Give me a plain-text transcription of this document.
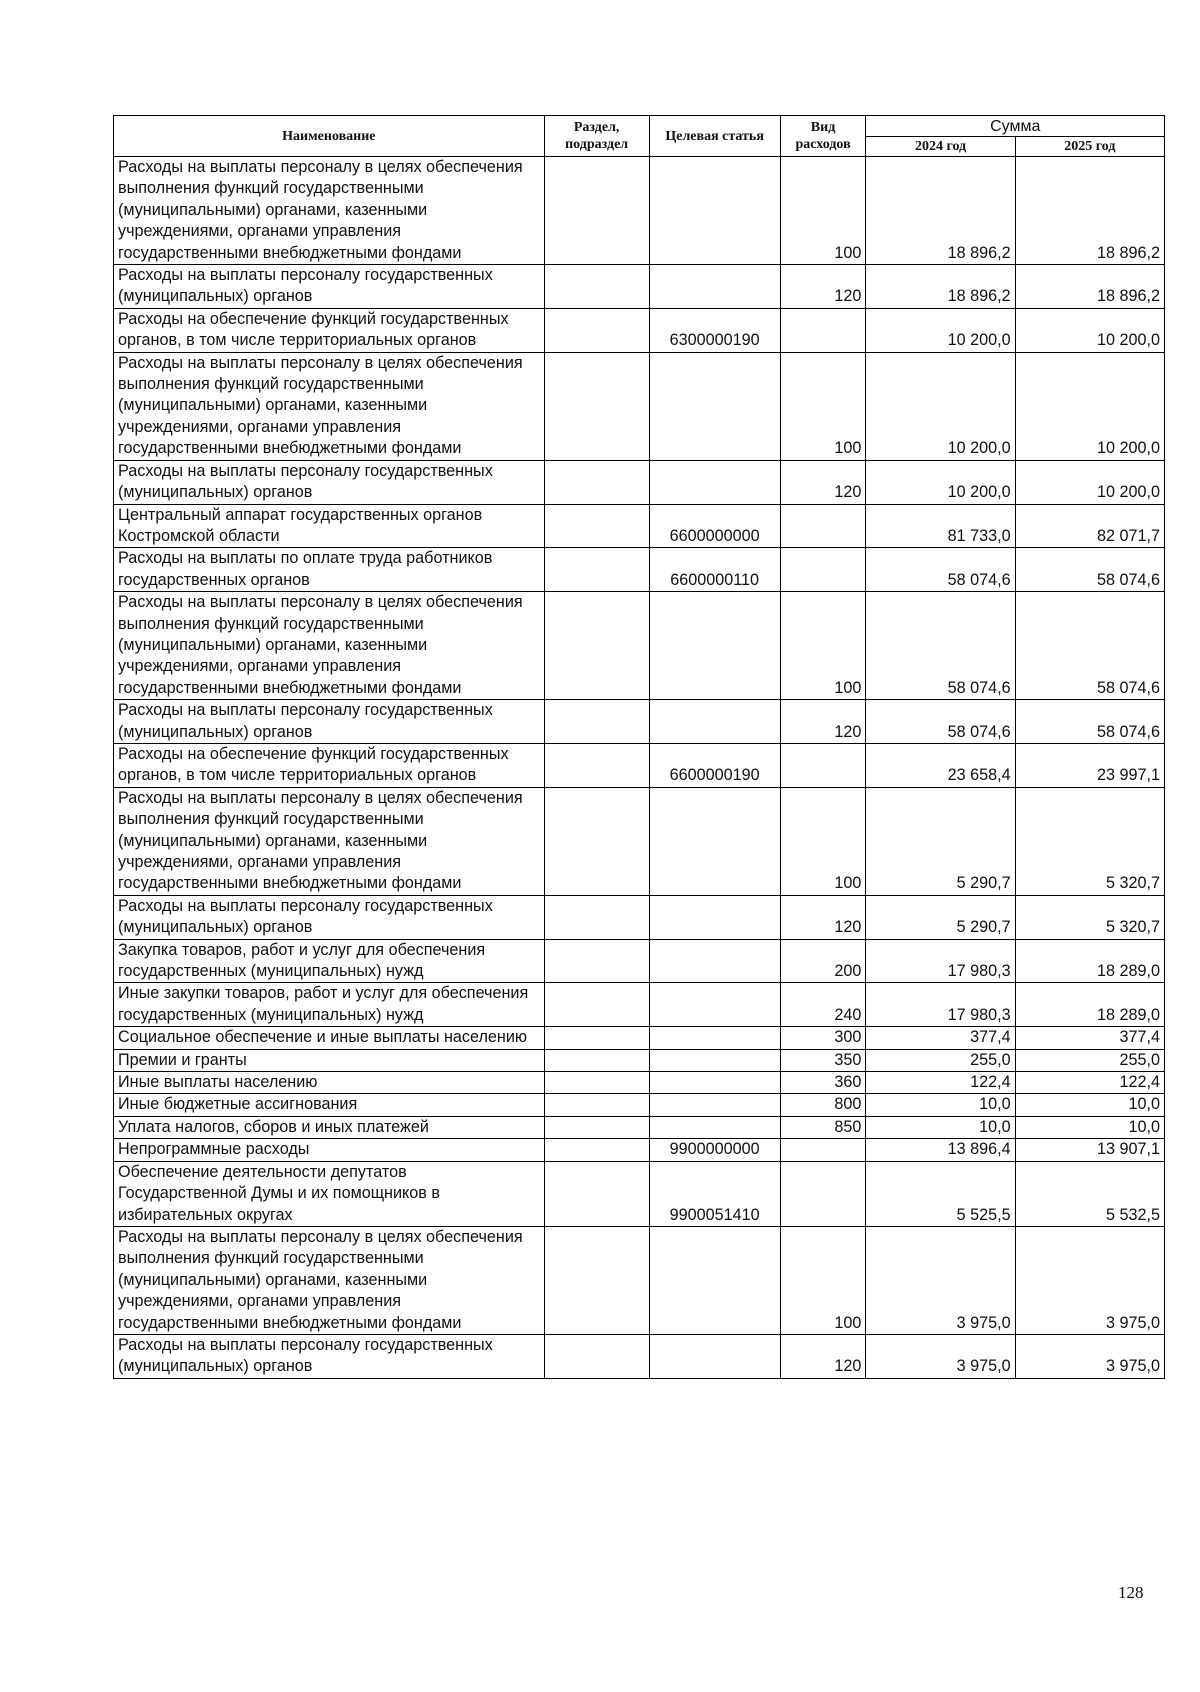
Наименование	Раздел, подраздел	Целевая статья	Вид расходов	Сумма	
				2024 год	2025 год
Расходы на выплаты персоналу в целях обеспечения выполнения функций государственными (муниципальными) органами, казенными учреждениями, органами управления государственными внебюджетными фондами			100	18 896,2	18 896,2
Расходы на выплаты персоналу государственных (муниципальных) органов			120	18 896,2	18 896,2
Расходы на обеспечение функций государственных органов, в том числе территориальных органов		6300000190		10 200,0	10 200,0
Расходы на выплаты персоналу в целях обеспечения выполнения функций государственными (муниципальными) органами, казенными учреждениями, органами управления государственными внебюджетными фондами			100	10 200,0	10 200,0
Расходы на выплаты персоналу государственных (муниципальных) органов			120	10 200,0	10 200,0
Центральный аппарат государственных органов Костромской области		6600000000		81 733,0	82 071,7
Расходы на выплаты по оплате труда работников государственных органов		6600000110		58 074,6	58 074,6
Расходы на выплаты персоналу в целях обеспечения выполнения функций государственными (муниципальными) органами, казенными учреждениями, органами управления государственными внебюджетными фондами			100	58 074,6	58 074,6
Расходы на выплаты персоналу государственных (муниципальных) органов			120	58 074,6	58 074,6
Расходы на обеспечение функций государственных органов, в том числе территориальных органов		6600000190		23 658,4	23 997,1
Расходы на выплаты персоналу в целях обеспечения выполнения функций государственными (муниципальными) органами, казенными учреждениями, органами управления государственными внебюджетными фондами			100	5 290,7	5 320,7
Расходы на выплаты персоналу государственных (муниципальных) органов			120	5 290,7	5 320,7
Закупка товаров, работ и услуг для обеспечения государственных (муниципальных) нужд			200	17 980,3	18 289,0
Иные закупки товаров, работ и услуг для обеспечения государственных (муниципальных) нужд			240	17 980,3	18 289,0
Социальное обеспечение и иные выплаты населению			300	377,4	377,4
Премии и гранты			350	255,0	255,0
Иные выплаты населению			360	122,4	122,4
Иные бюджетные ассигнования			800	10,0	10,0
Уплата налогов, сборов и иных платежей			850	10,0	10,0
Непрограммные расходы		9900000000		13 896,4	13 907,1
Обеспечение деятельности депутатов Государственной Думы и их помощников в избирательных округах		9900051410		5 525,5	5 532,5
Расходы на выплаты персоналу в целях обеспечения выполнения функций государственными (муниципальными) органами, казенными учреждениями, органами управления государственными внебюджетными фондами			100	3 975,0	3 975,0
Расходы на выплаты персоналу государственных (муниципальных) органов			120	3 975,0	3 975,0
128
